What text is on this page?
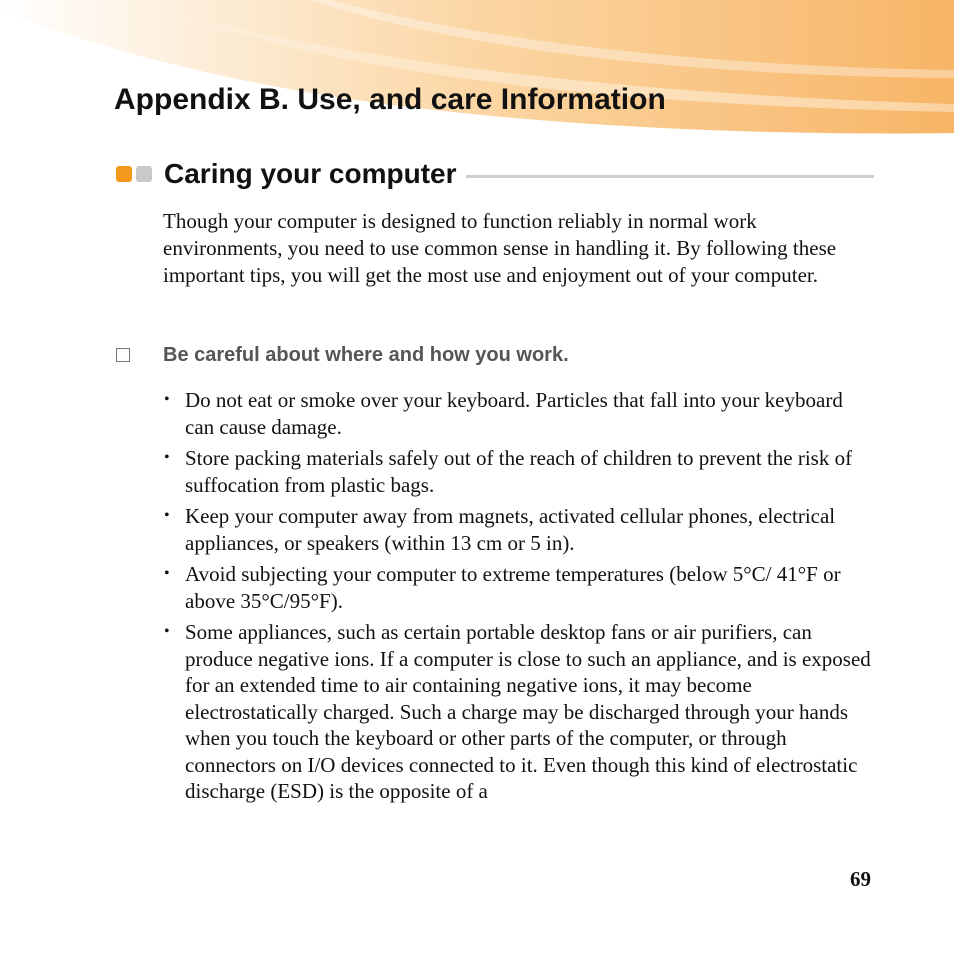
Appendix B. Use, and care Information
Caring your computer

Though your computer is designed to function reliably in normal work environments, you need to use common sense in handling it. By following these important tips, you will get the most use and enjoyment out of your computer.

Be careful about where and how you work.
• Do not eat or smoke over your keyboard. Particles that fall into your keyboard can cause damage.
• Store packing materials safely out of the reach of children to prevent the risk of suffocation from plastic bags.
• Keep your computer away from magnets, activated cellular phones, electrical appliances, or speakers (within 13 cm or 5 in).
• Avoid subjecting your computer to extreme temperatures (below 5°C/ 41°F or above 35°C/95°F).
• Some appliances, such as certain portable desktop fans or air purifiers, can produce negative ions. If a computer is close to such an appliance, and is exposed for an extended time to air containing negative ions, it may become electrostatically charged. Such a charge may be discharged through your hands when you touch the keyboard or other parts of the computer, or through connectors on I/O devices connected to it. Even though this kind of electrostatic discharge (ESD) is the opposite of a
69
